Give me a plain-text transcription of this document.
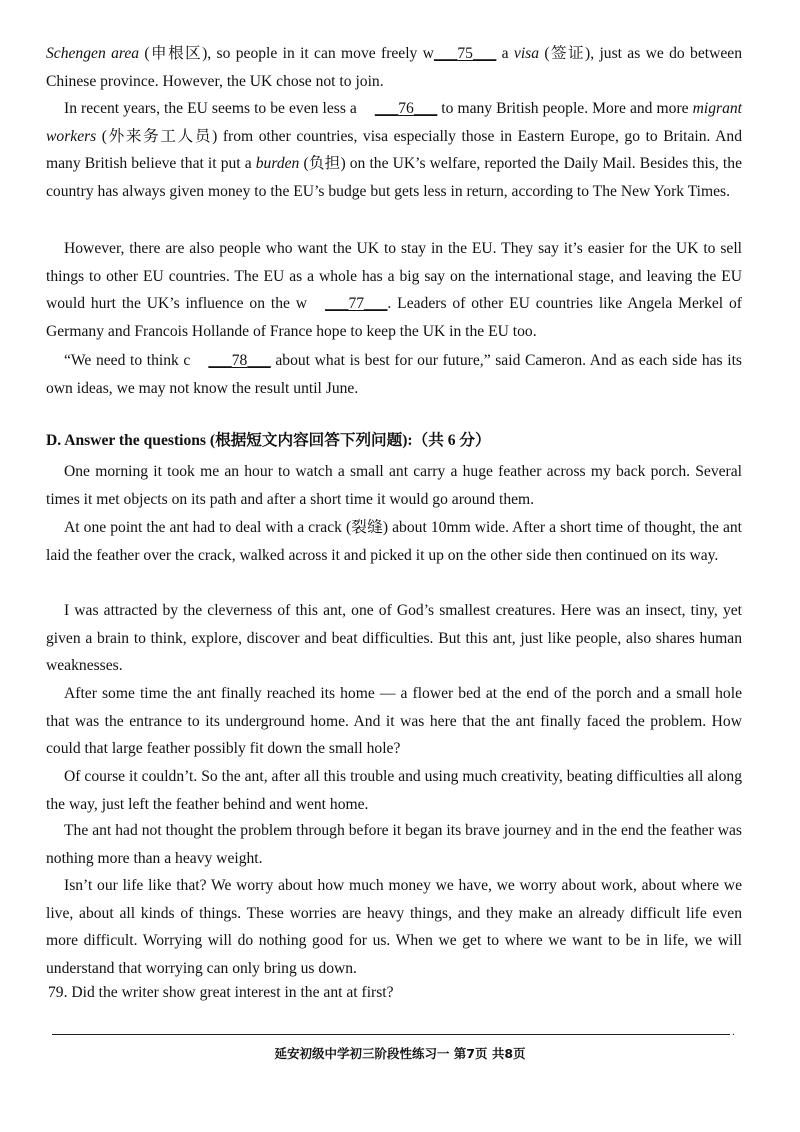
Schengen area (申根区), so people in it can move freely w___75___ a visa (签证), just as we do between Chinese province. However, the UK chose not to join.

In recent years, the EU seems to be even less a ___76___ to many British people. More and more migrant workers (外来务工人员) from other countries, visa especially those in Eastern Europe, go to Britain. And many British believe that it put a burden (负担) on the UK’s welfare, reported the Daily Mail. Besides this, the country has always given money to the EU’s budge but gets less in return, according to The New York Times.

However, there are also people who want the UK to stay in the EU. They say it’s easier for the UK to sell things to other EU countries. The EU as a whole has a big say on the international stage, and leaving the EU would hurt the UK’s influence on the w ___77___. Leaders of other EU countries like Angela Merkel of Germany and Francois Hollande of France hope to keep the UK in the EU too.

“We need to think c ___78___ about what is best for our future,” said Cameron. And as each side has its own ideas, we may not know the result until June.

D. Answer the questions (根据短文内容回答下列问题):（共 6 分）

One morning it took me an hour to watch a small ant carry a huge feather across my back porch. Several times it met objects on its path and after a short time it would go around them.

At one point the ant had to deal with a crack (裂缝) about 10mm wide. After a short time of thought, the ant laid the feather over the crack, walked across it and picked it up on the other side then continued on its way.

I was attracted by the cleverness of this ant, one of God’s smallest creatures. Here was an insect, tiny, yet given a brain to think, explore, discover and beat difficulties. But this ant, just like people, also shares human weaknesses.

After some time the ant finally reached its home — a flower bed at the end of the porch and a small hole that was the entrance to its underground home. And it was here that the ant finally faced the problem. How could that large feather possibly fit down the small hole?

Of course it couldn’t. So the ant, after all this trouble and using much creativity, beating difficulties all along the way, just left the feather behind and went home.

The ant had not thought the problem through before it began its brave journey and in the end the feather was nothing more than a heavy weight.

Isn’t our life like that? We worry about how much money we have, we worry about work, about where we live, about all kinds of things. These worries are heavy things, and they make an already difficult life even more difficult. Worrying will do nothing good for us. When we get to where we want to be in life, we will understand that worrying can only bring us down.

79. Did the writer show great interest in the ant at first?

.
延安初级中学初三阶段性练习一 第7页 共8页
